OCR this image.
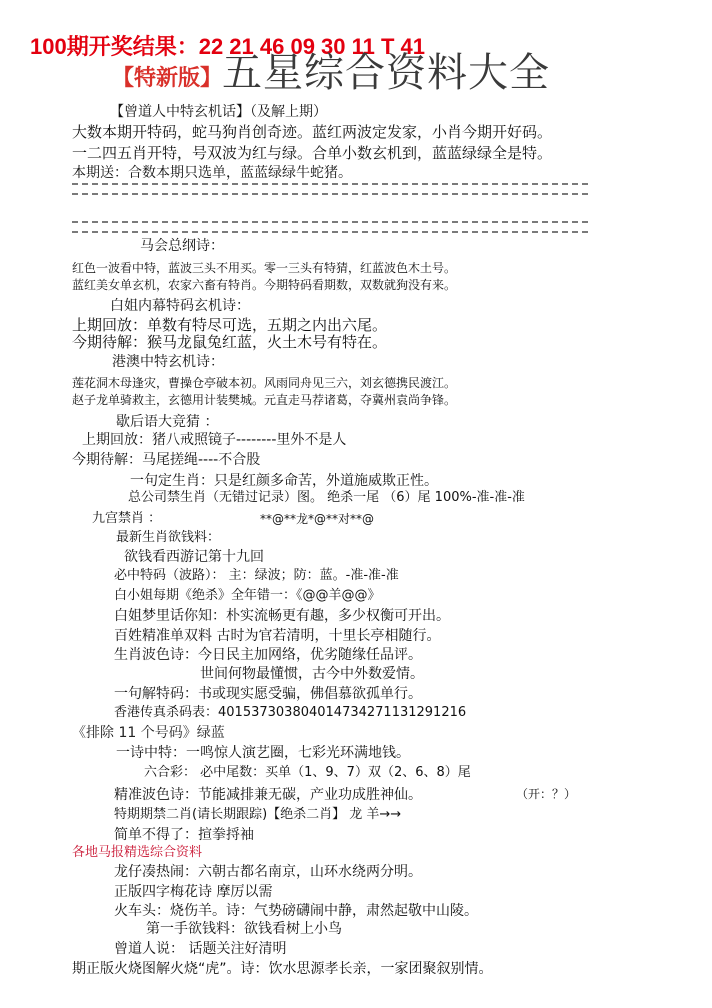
100期开奖结果：22 21 46 09 30 11 T 41
【特新版】 五星综合资料大全
【曾道人中特玄机话】（及解上期）
大数本期开特码，蛇马狗肖创奇迹。蓝红两波定发家，小肖今期开好码。
一二四五肖开特，号双波为红与绿。合单小数玄机到，蓝蓝绿绿全是特。
本期送：合数本期只选单，蓝蓝绿绿牛蛇猪。
马会总纲诗：
红色一波看中特，蓝波三头不用买。零一三头有特猜，红蓝波色木土号。
蓝红美女单玄机，农家六畜有特肖。今期特码看期数，双数就狗没有来。
白姐内幕特码玄机诗：
上期回放：单数有特尽可选，五期之内出六尾。
今期待解：猴马龙鼠兔红蓝，火土木号有特在。
港澳中特玄机诗：
莲花洞木母逢灾，曹操仓亭破本初。风雨同舟见三六，刘玄德携民渡江。
赵子龙单骑救主，玄德用计装樊城。元直走马荐诸葛，夺冀州袁尚争锋。
歇后语大竞猜 ：
上期回放：猪八戒照镜子--------里外不是人
今期待解：马尾搓绳----不合股
一句定生肖：只是红颜多命苦，外道施威欺正性。
总公司禁生肖（无错过记录）图。 绝杀一尾 （6）尾 100%-准-准-准
九宫禁肖 ：	**@**龙*@**对**@
最新生肖欲钱料：
欲钱看西游记第十九回
必中特码（波路）： 主：绿波；防：蓝。-准-准-准
白小姐每期《绝杀》全年错一：《@@羊@@》
白姐梦里话你知：朴实流畅更有趣，多少权衡可开出。
百姓精准单双料 古时为官若清明，十里长亭相随行。
生肖波色诗：今日民主加网络，优劣随缘任品评。
世间何物最懂惯，古今中外数爱情。
一句解特码：书或现实愿受骗，佛倡慕欲孤单行。
香港传真杀码表：40153730380401473427113129​1216
《排除 11 个号码》绿蓝
一诗中特：一鸣惊人演艺圈，七彩光环满地钱。
六合彩： 必中尾数：买单（1、9、7）双（2、6、8）尾
精准波色诗：节能减排兼无碳，产业功成胜神仙。	（开：？）
特期期禁二肖(请长期跟踪)【绝杀二肖】 龙 羊→→
简单不得了：揎拳捋袖
各地马报精选综合资料
龙仔凑热闹：六朝古都名南京，山环水绕两分明。
正版四字梅花诗 摩厉以需
火车头：烧伤羊。诗：气势磅礴闹中静，肃然起敬中山陵。
第一手欲钱料：欲钱看树上小鸟
曾道人说： 话题关注好清明
期正版火烧图解火烧“虎”。诗：饮水思源孝长亲，一家团聚叙别情。
